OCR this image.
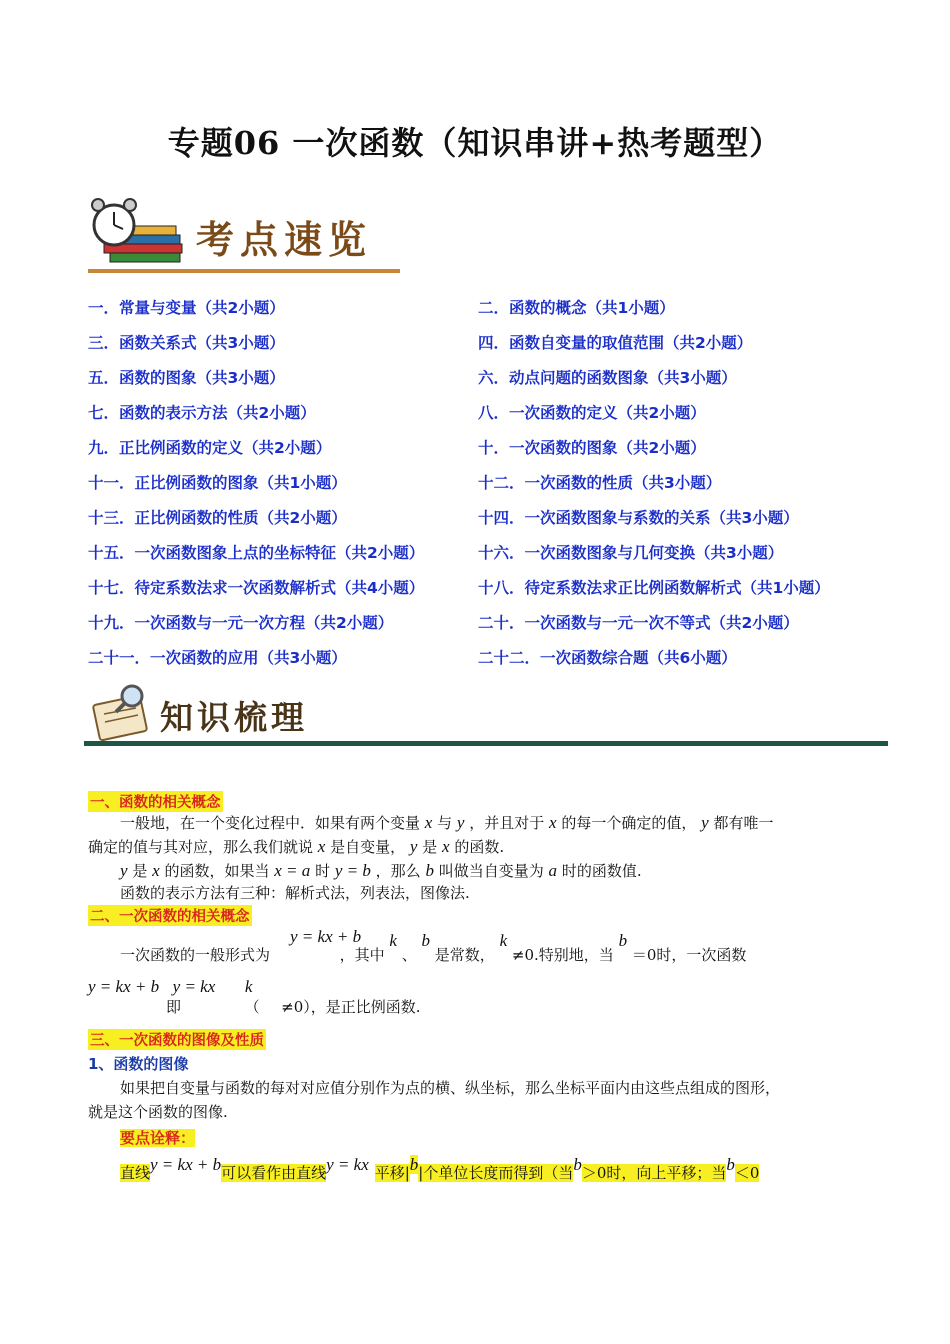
专题06 一次函数（知识串讲+热考题型）
考点速览
一．常量与变量（共2小题）	二．函数的概念（共1小题）
三．函数关系式（共3小题）	四．函数自变量的取值范围（共2小题）
五．函数的图象（共3小题）	六．动点问题的函数图象（共3小题）
七．函数的表示方法（共2小题）	八．一次函数的定义（共2小题）
九．正比例函数的定义（共2小题）	十．一次函数的图象（共2小题）
十一．正比例函数的图象（共1小题）	十二．一次函数的性质（共3小题）
十三．正比例函数的性质（共2小题）	十四．一次函数图象与系数的关系（共3小题）
十五．一次函数图象上点的坐标特征（共2小题）	十六．一次函数图象与几何变换（共3小题）
十七．待定系数法求一次函数解析式（共4小题）	十八．待定系数法求正比例函数解析式（共1小题）
十九．一次函数与一元一次方程（共2小题）	二十．一次函数与一元一次不等式（共2小题）
二十一．一次函数的应用（共3小题）	二十二．一次函数综合题（共6小题）
知识梳理
一、函数的相关概念
一般地，在一个变化过程中．如果有两个变量 x 与 y ，并且对于 x 的每一个确定的值， y 都有唯一
确定的值与其对应，那么我们就说 x 是自变量， y 是 x 的函数.
y 是 x 的函数，如果当 x = a 时 y = b ，那么 b 叫做当自变量为 a 时的函数值.
函数的表示方法有三种：解析式法，列表法，图像法.
二、一次函数的相关概念
y = kx + b
一次函数的一般形式为	，其中 k 、 b 是常数， k ≠0.特别地，当 b ＝0时，一次函数
y = kx + b y = kx k
即	（ ≠0），是正比例函数.
三、一次函数的图像及性质
1、函数的图像
如果把自变量与函数的每对对应值分别作为点的横、纵坐标，那么坐标平面内由这些点组成的图形，
就是这个函数的图像.
要点诠释：
直线y = kx + b可以看作由直线y = kx 平移|b|个单位长度而得到（当b＞0时，向上平移；当b＜0
